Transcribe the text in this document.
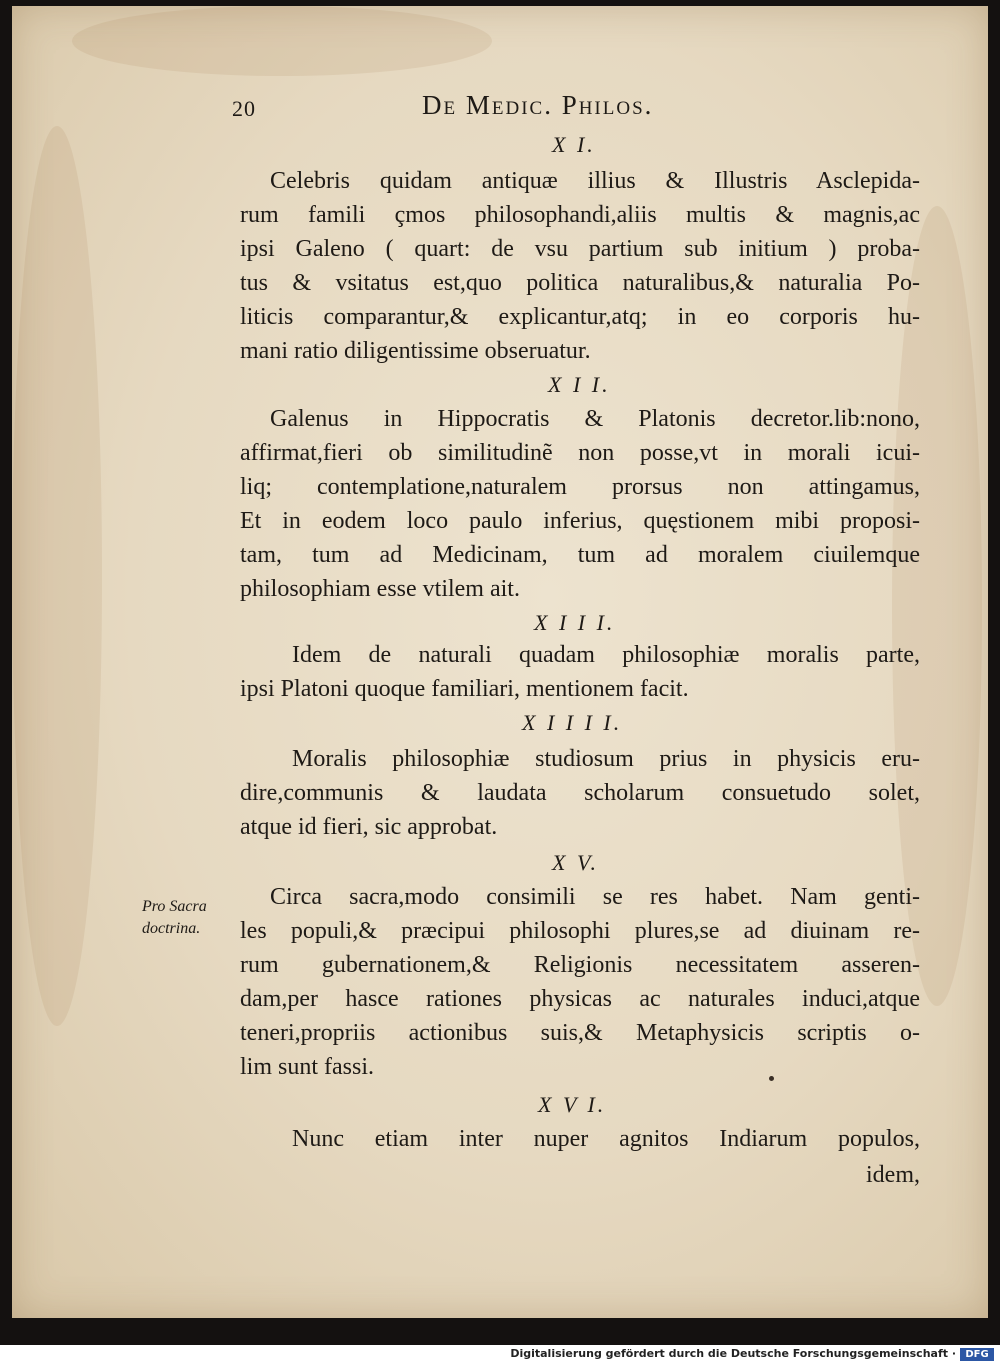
20	De Medic. Philos.
X I.
Celebris quidam antiquæ illius & Illustris Asclepida-
rum famili çmos philosophandi,aliis multis & magnis,ac
ipsi Galeno ( quart: de vsu partium sub initium ) proba-
tus & vsitatus est,quo politica naturalibus,& naturalia Po-
liticis comparantur,& explicantur,atq; in eo corporis hu-
mani ratio diligentissime obseruatur.
X I I.
Galenus in Hippocratis & Platonis decretor.lib:nono,
affirmat,fieri ob similitudinẽ non posse,vt in morali icui-
liq; contemplatione,naturalem prorsus non attingamus,
Et in eodem loco paulo inferius, quęstionem mibi proposi-
tam, tum ad Medicinam, tum ad moralem ciuilemque
philosophiam esse vtilem ait.
X I I I.
Idem de naturali quadam philosophiæ moralis parte,
ipsi Platoni quoque familiari, mentionem facit.
X I I I I.
Moralis philosophiæ studiosum prius in physicis eru-
dire,communis & laudata scholarum consuetudo solet,
atque id fieri, sic approbat.
X V.
Pro Sacra
doctrina.
Circa sacra,modo consimili se res habet. Nam genti-
les populi,& præcipui philosophi plures,se ad diuinam re-
rum gubernationem,& Religionis necessitatem asseren-
dam,per hasce rationes physicas ac naturales induci,atque
teneri,propriis actionibus suis,& Metaphysicis scriptis o-
lim sunt fassi.
X V I.
Nunc etiam inter nuper agnitos Indiarum populos,
idem,
Digitalisierung gefördert durch die Deutsche Forschungsgemeinschaft · DFG
